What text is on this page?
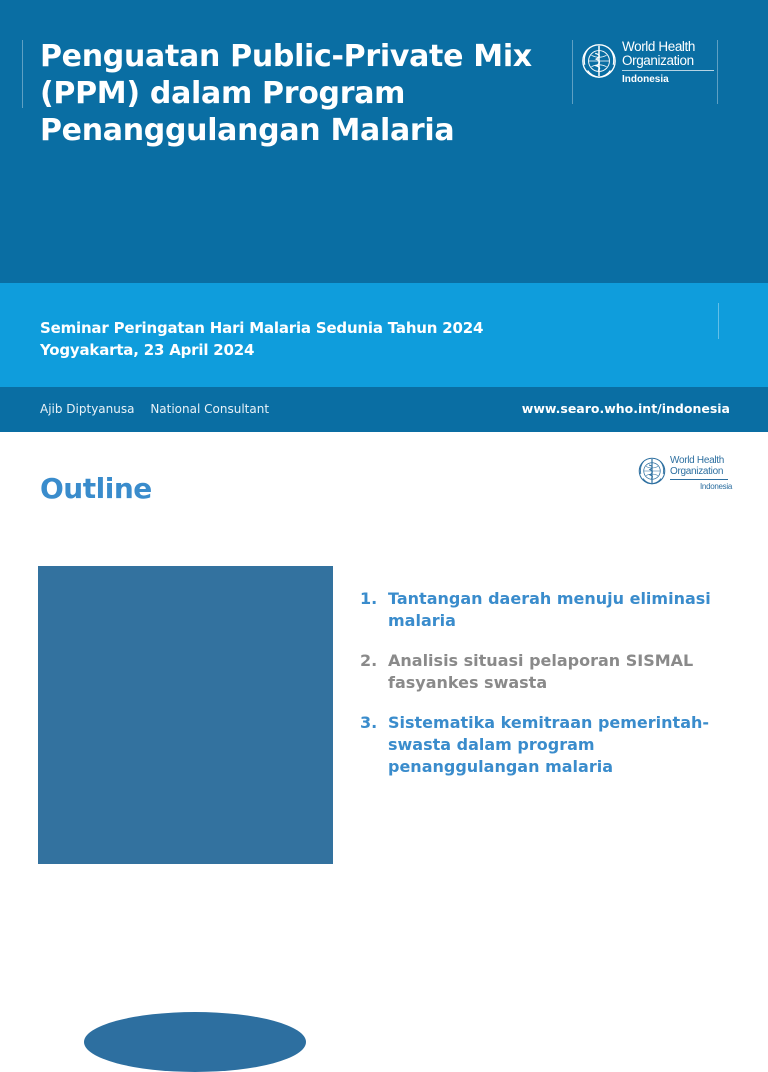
Penguatan Public-Private Mix (PPM) dalam Program Penanggulangan Malaria
World Health
Organization
Indonesia
Seminar Peringatan Hari Malaria Sedunia Tahun 2024
Yogyakarta, 23 April 2024
Ajib Diptyanusa National Consultant	www.searo.who.int/indonesia
Outline
World Health
Organization
Indonesia
1. Tantangan daerah menuju eliminasi malaria
2. Analisis situasi pelaporan SISMAL fasyankes swasta
3. Sistematika kemitraan pemerintah-swasta dalam program penanggulangan malaria
